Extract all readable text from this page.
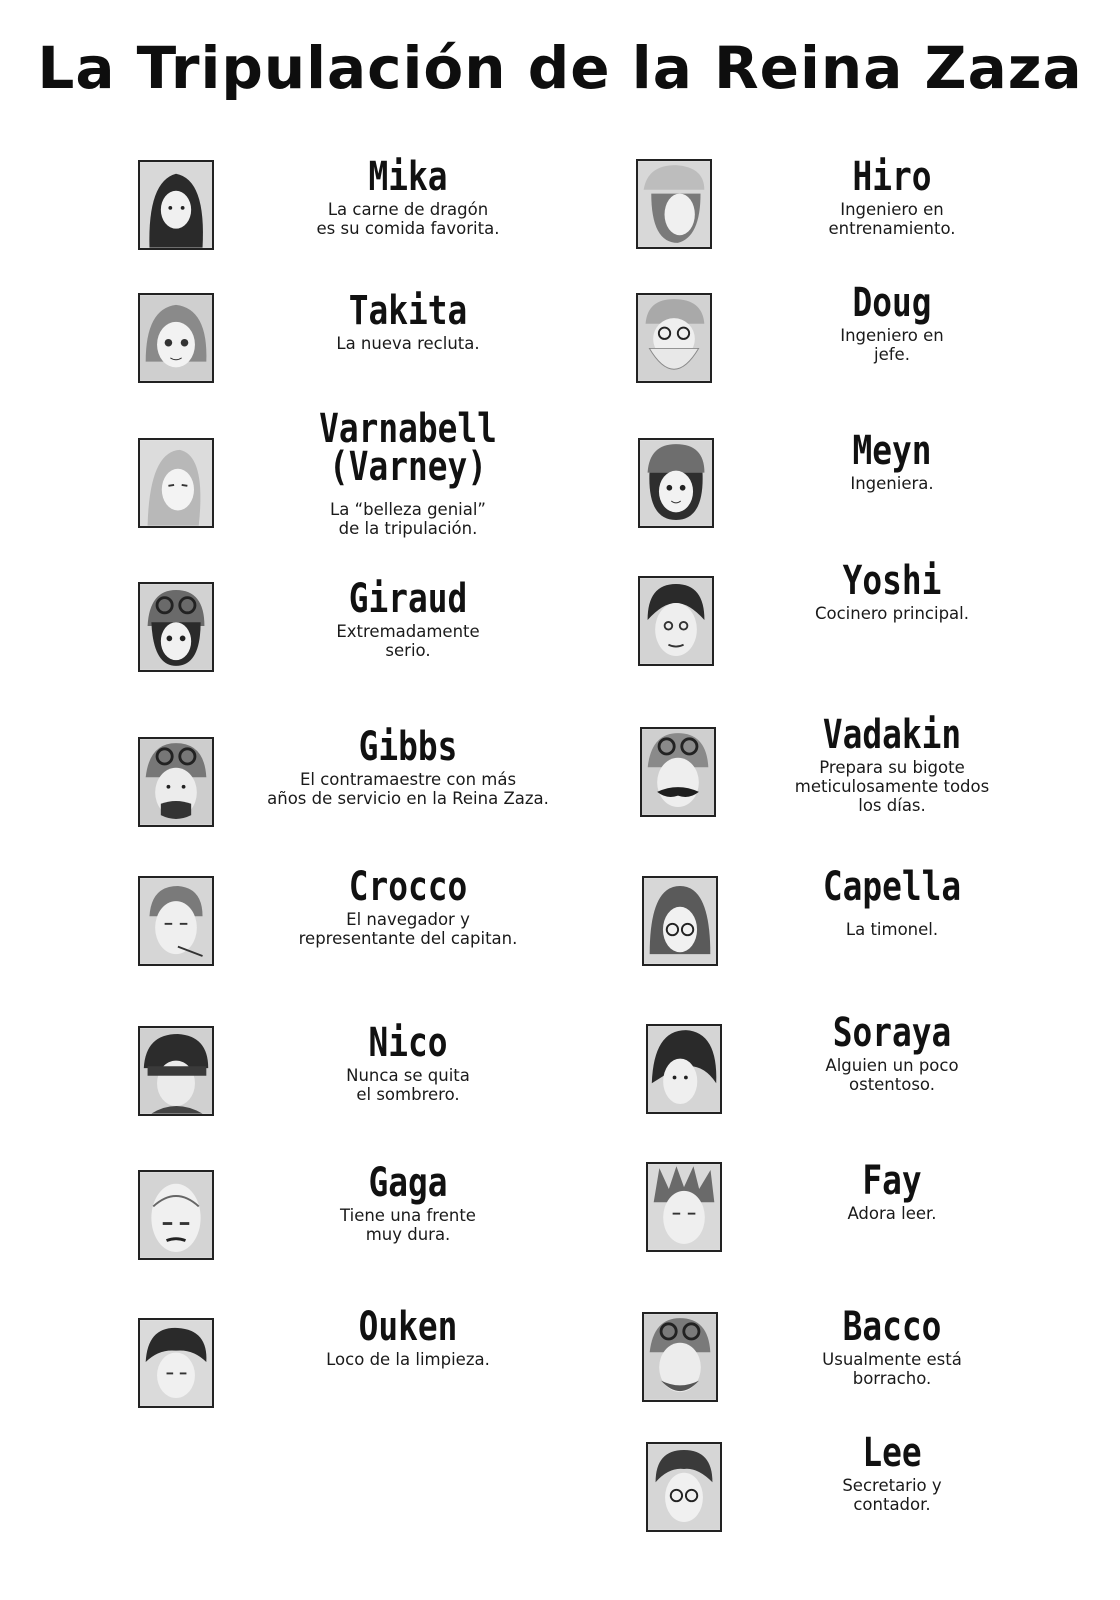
La Tripulación de la Reina Zaza
Mika
La carne de dragón
es su comida favorita.
Takita
La nueva recluta.
Varnabell
(Varney)
La “belleza genial”
de la tripulación.
Giraud
Extremadamente
serio.
Gibbs
El contramaestre con más
años de servicio en la Reina Zaza.
Crocco
El navegador y
representante del capitan.
Nico
Nunca se quita
el sombrero.
Gaga
Tiene una frente
muy dura.
Ouken
Loco de la limpieza.
Hiro
Ingeniero en
entrenamiento.
Doug
Ingeniero en
jefe.
Meyn
Ingeniera.
Yoshi
Cocinero principal.
Vadakin
Prepara su bigote
meticulosamente todos
los días.
Capella
La timonel.
Soraya
Alguien un poco
ostentoso.
Fay
Adora leer.
Bacco
Usualmente está
borracho.
Lee
Secretario y
contador.
